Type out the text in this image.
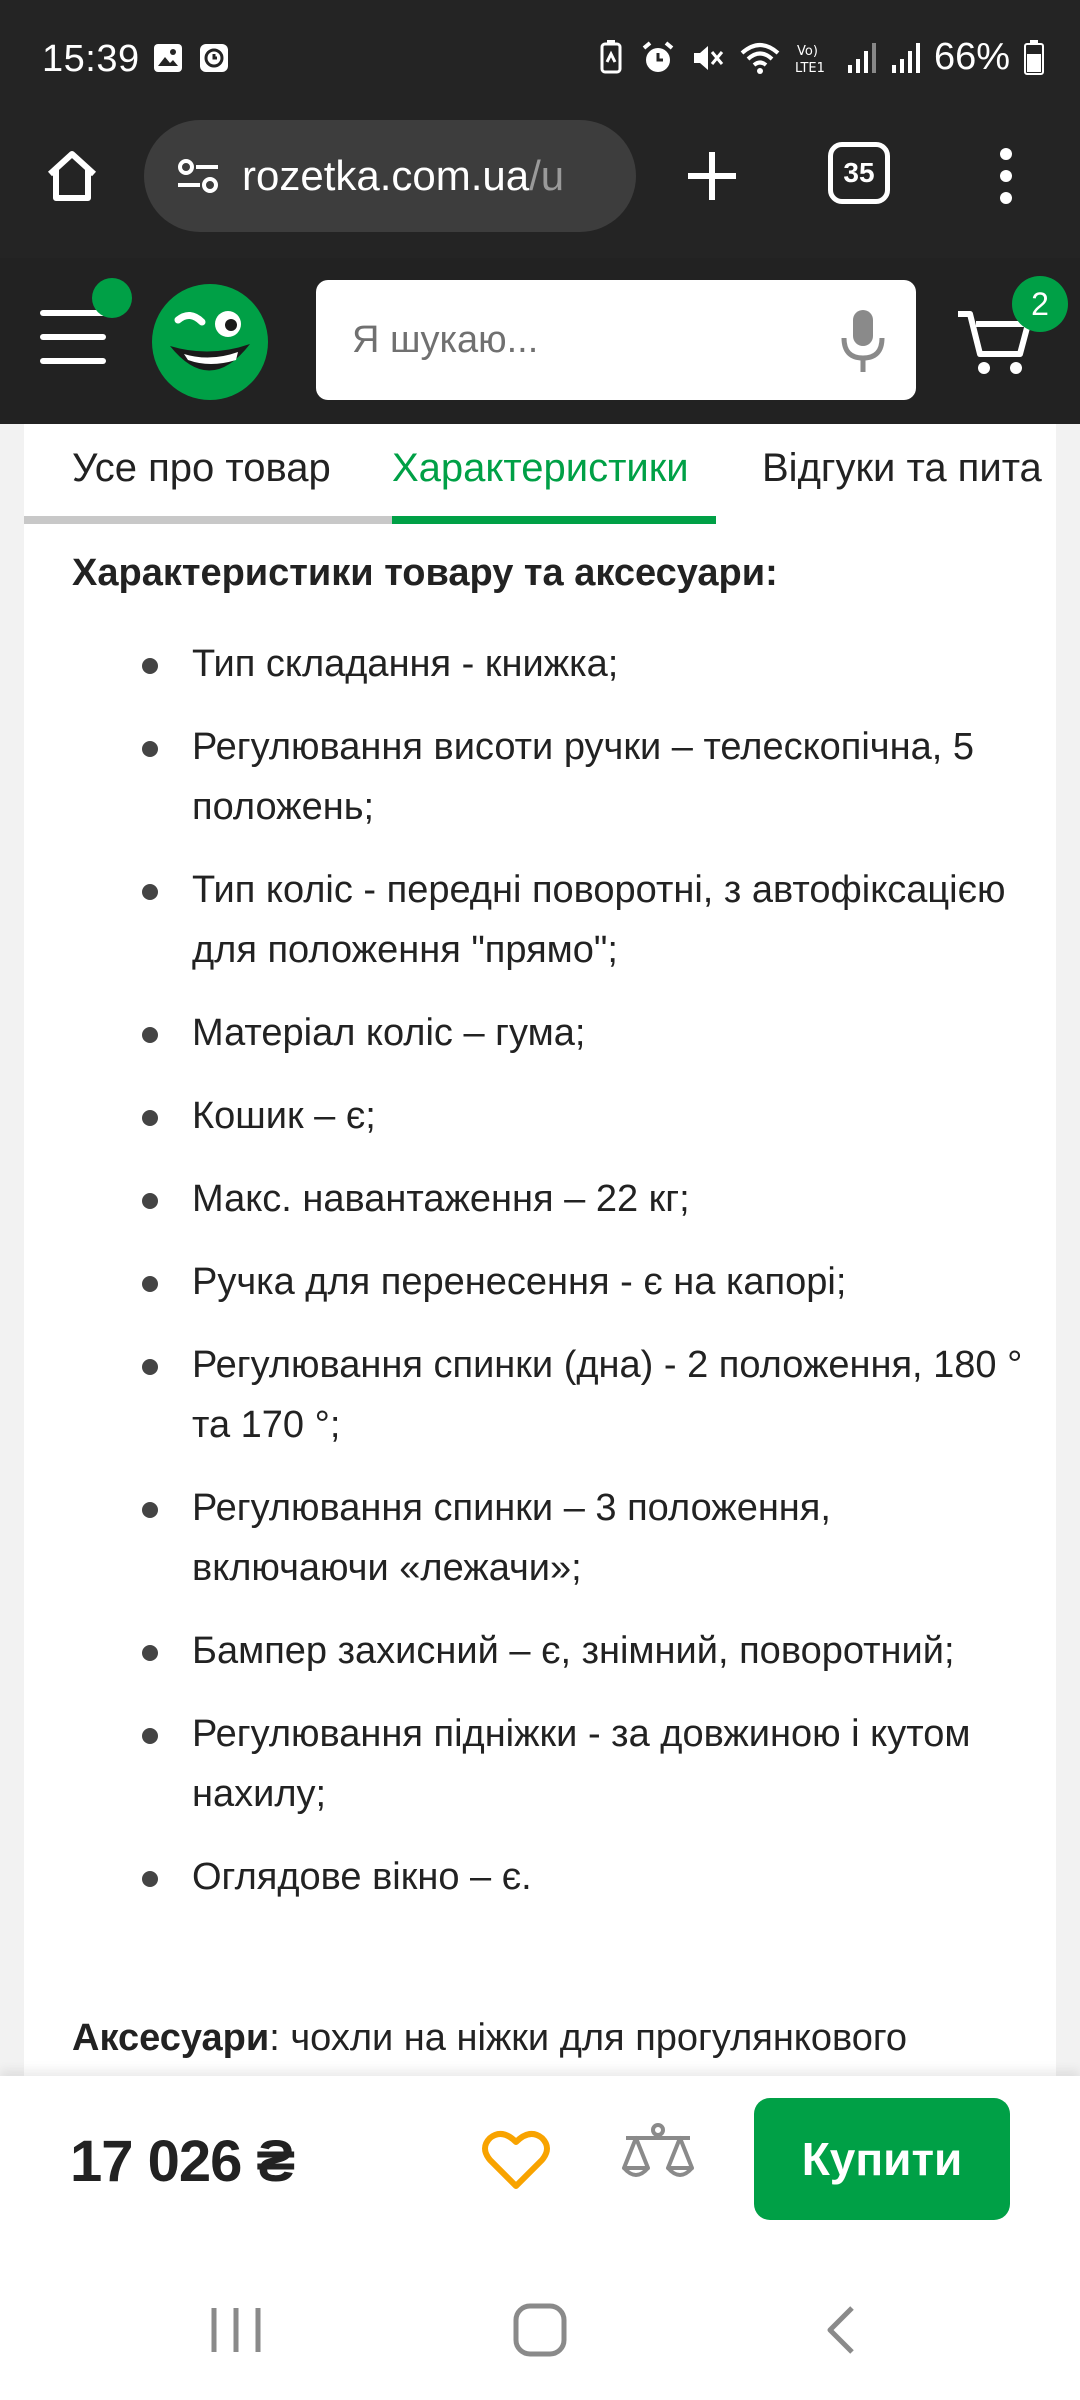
15:39	Vo)
LTE1	66%
rozetka.com.ua/u	35
Я шукаю...
2
Усе про товар Характеристики Відгуки та пита
Характеристики товару та аксесуари:
Тип складання - книжка;
Регулювання висоти ручки – телескопічна, 5 положень;
Тип коліс - передні поворотні, з автофіксацією для положення "прямо";
Матеріал коліс – гума;
Кошик – є;
Макс. навантаження – 22 кг;
Ручка для перенесення - є на капорі;
Регулювання спинки (дна) - 2 положення, 180 ° та 170 °;
Регулювання спинки – 3 положення, включаючи «лежачи»;
Бампер захисний – є, знімний, поворотний;
Регулювання підніжки - за довжиною і кутом нахилу;
Оглядове вікно – є.
Аксесуари: чохли на ніжки для прогулянкового
17 026 ₴	Купити
